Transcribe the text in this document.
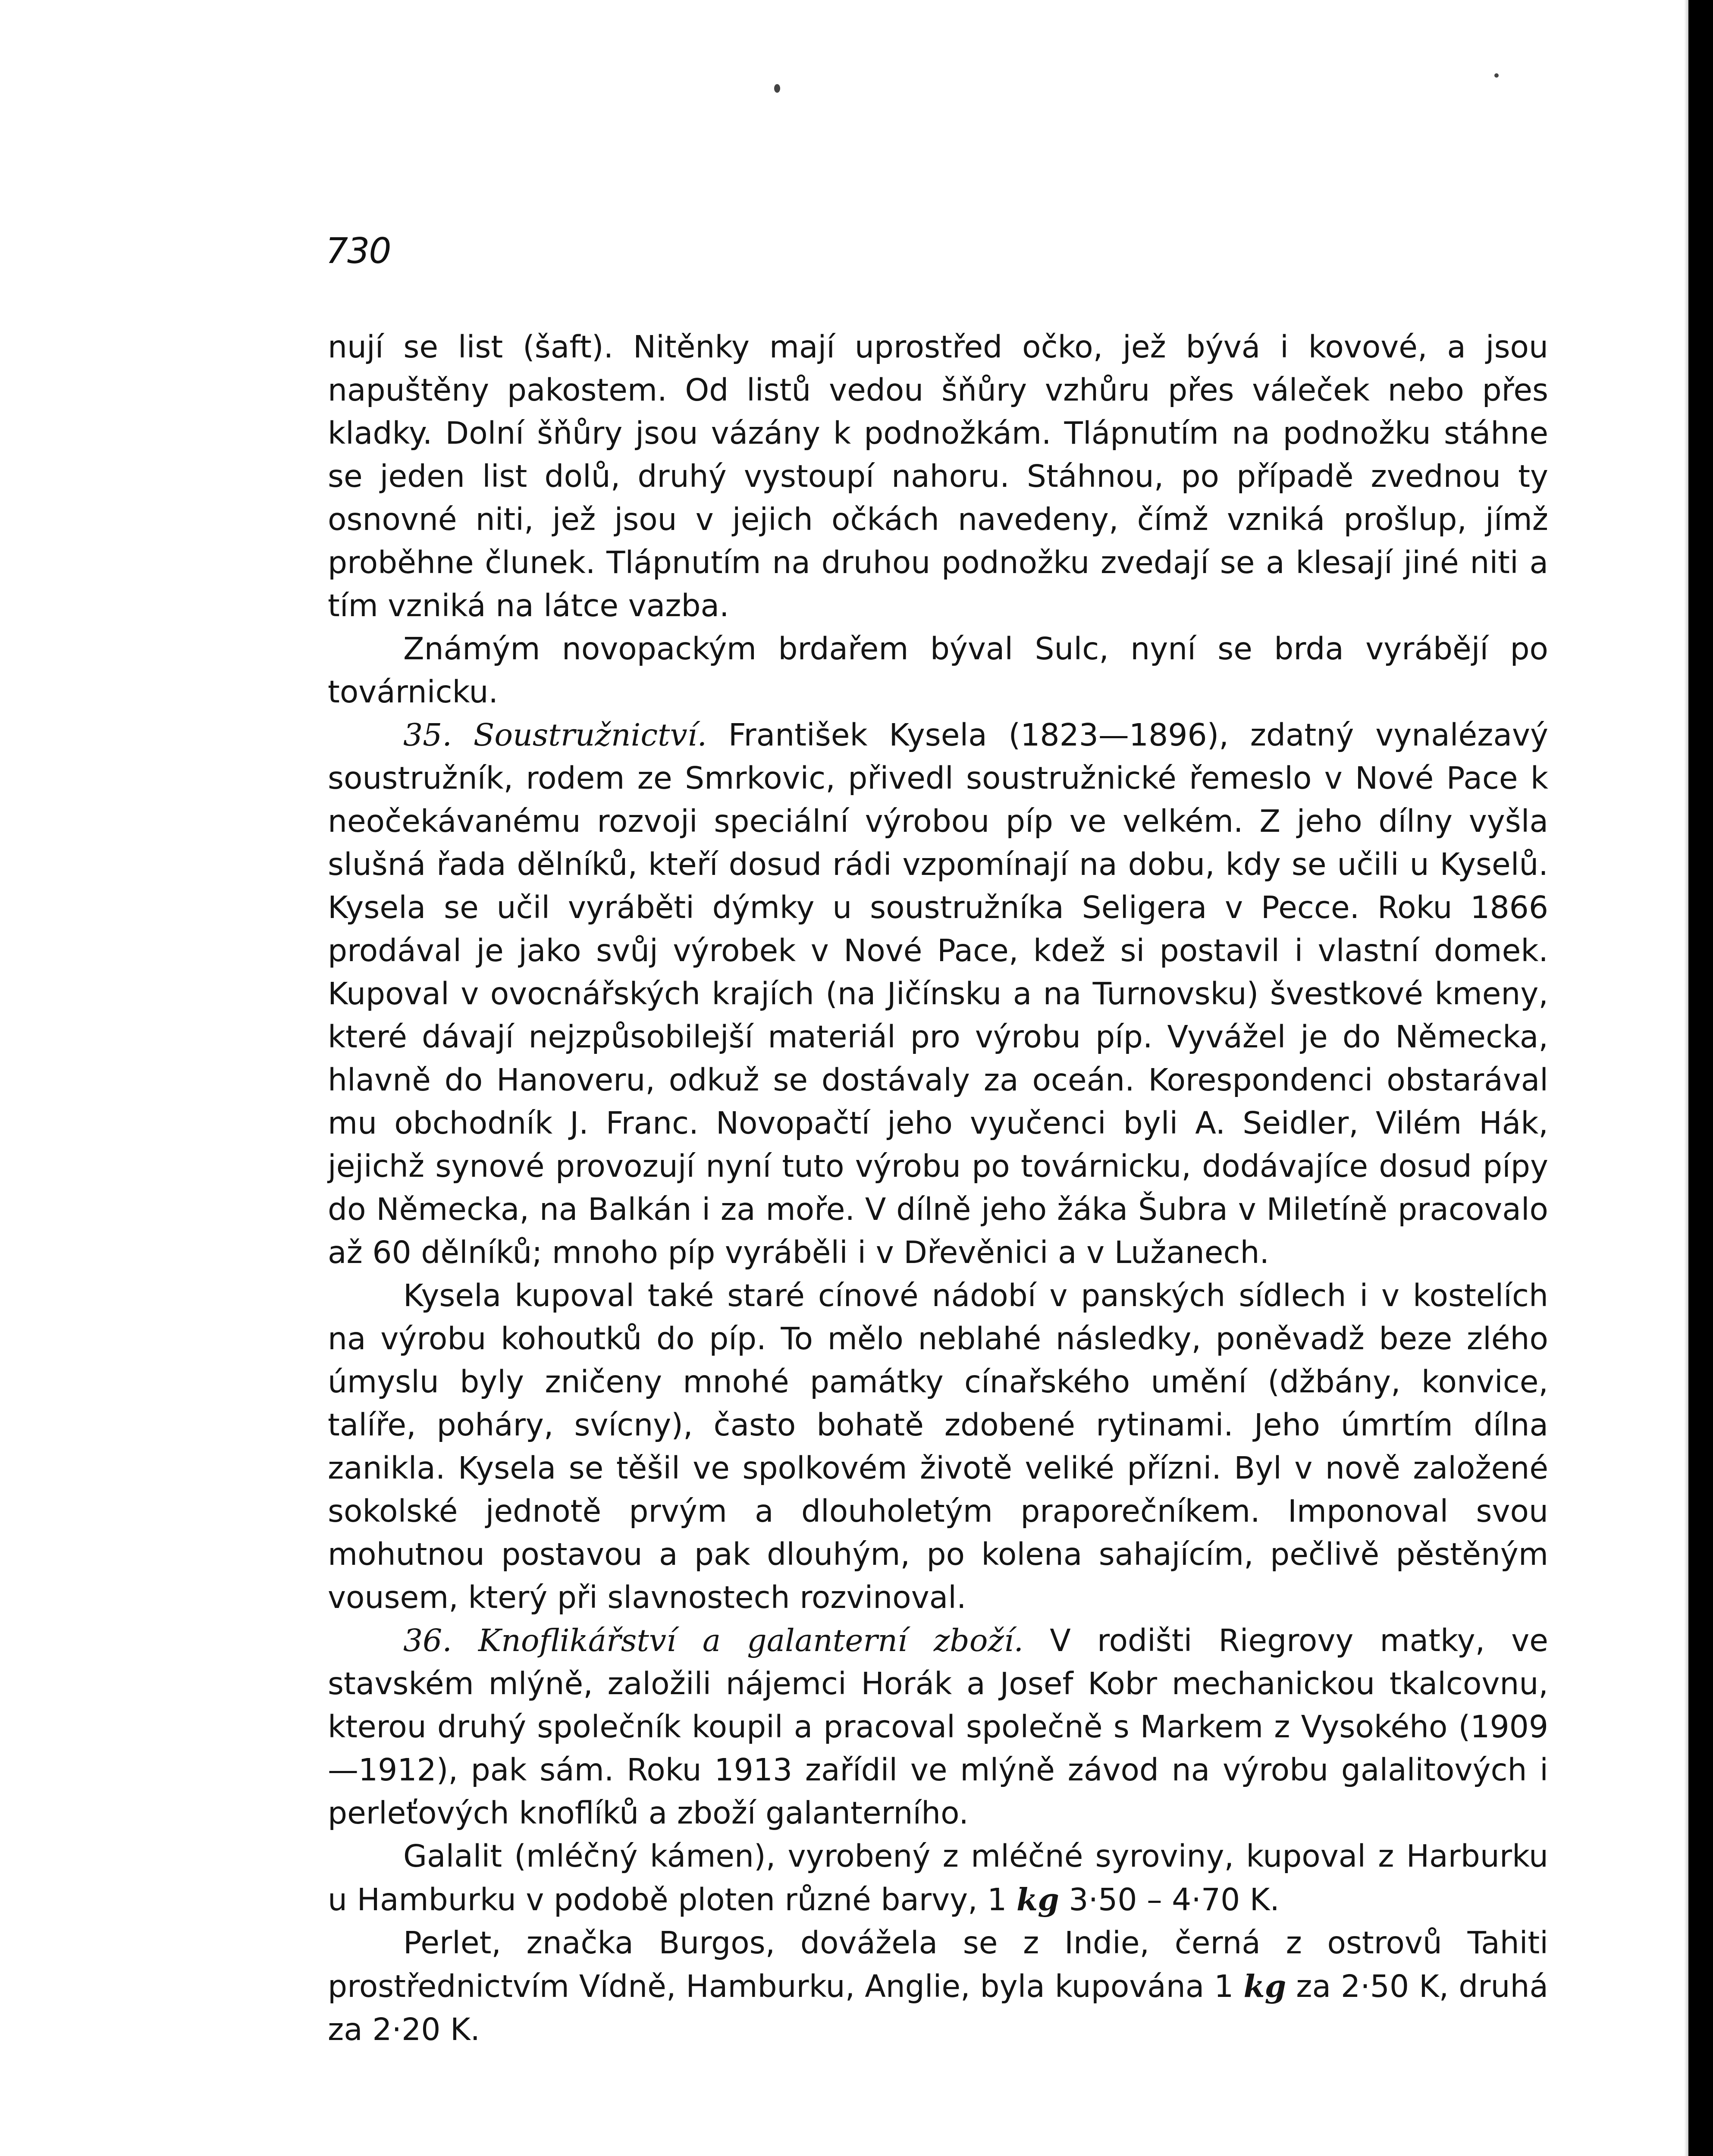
730

nují se list (šaft). Nitěnky mají uprostřed očko, jež bývá i kovové, a jsou napuštěny pakostem. Od listů vedou šňůry vzhůru přes váleček nebo přes kladky. Dolní šňůry jsou vázány k podnožkám. Tlápnutím na podnožku stáhne se jeden list dolů, druhý vystoupí nahoru. Stáhnou, po případě zvednou ty osnovné niti, jež jsou v jejich očkách navedeny, čímž vzniká prošlup, jímž proběhne člunek. Tlápnutím na druhou podnožku zvedají se a klesají jiné niti a tím vzniká na látce vazba.

Známým novopackým brdařem býval Sulc, nyní se brda vyrábějí po továrnicku.

35. Soustružnictví. František Kysela (1823—1896), zdatný vynalézavý soustružník, rodem ze Smrkovic, přivedl soustružnické řemeslo v Nové Pace k neočekávanému rozvoji speciální výrobou píp ve velkém. Z jeho dílny vyšla slušná řada dělníků, kteří dosud rádi vzpomínají na dobu, kdy se učili u Kyselů. Kysela se učil vyráběti dýmky u soustružníka Seligera v Pecce. Roku 1866 prodával je jako svůj výrobek v Nové Pace, kdež si postavil i vlastní domek. Kupoval v ovocnářských krajích (na Jičínsku a na Turnovsku) švestkové kmeny, které dávají nejzpůsobilejší materiál pro výrobu píp. Vyvážel je do Německa, hlavně do Hanoveru, odkuž se dostávaly za oceán. Korespondenci obstarával mu obchodník J. Franc. Novopačtí jeho vyučenci byli A. Seidler, Vilém Hák, jejichž synové provozují nyní tuto výrobu po továrnicku, dodávajíce dosud pípy do Německa, na Balkán i za moře. V dílně jeho žáka Šubra v Miletíně pracovalo až 60 dělníků; mnoho píp vyráběli i v Dřevěnici a v Lužanech.

Kysela kupoval také staré cínové nádobí v panských sídlech i v kostelích na výrobu kohoutků do píp. To mělo neblahé následky, poněvadž beze zlého úmyslu byly zničeny mnohé památky cínařského umění (džbány, konvice, talíře, poháry, svícny), často bohatě zdobené rytinami. Jeho úmrtím dílna zanikla. Kysela se těšil ve spolkovém životě veliké přízni. Byl v nově založené sokolské jednotě prvým a dlouholetým praporečníkem. Imponoval svou mohutnou postavou a pak dlouhým, po kolena sahajícím, pečlivě pěstěným vousem, který při slavnostech rozvinoval.

36. Knoflikářství a galanterní zboží. V rodišti Riegrovy matky, ve stavském mlýně, založili nájemci Horák a Josef Kobr mechanickou tkalcovnu, kterou druhý společník koupil a pracoval společně s Markem z Vysokého (1909—1912), pak sám. Roku 1913 zařídil ve mlýně závod na výrobu galalitových i perleťových knoflíků a zboží galanterního.

Galalit (mléčný kámen), vyrobený z mléčné syroviny, kupoval z Harburku u Hamburku v podobě ploten různé barvy, 1 kg 3·50 – 4·70 K.

Perlet, značka Burgos, dovážela se z Indie, černá z ostrovů Tahiti prostřednictvím Vídně, Hamburku, Anglie, byla kupována 1 kg za 2·50 K, druhá za 2·20 K.
